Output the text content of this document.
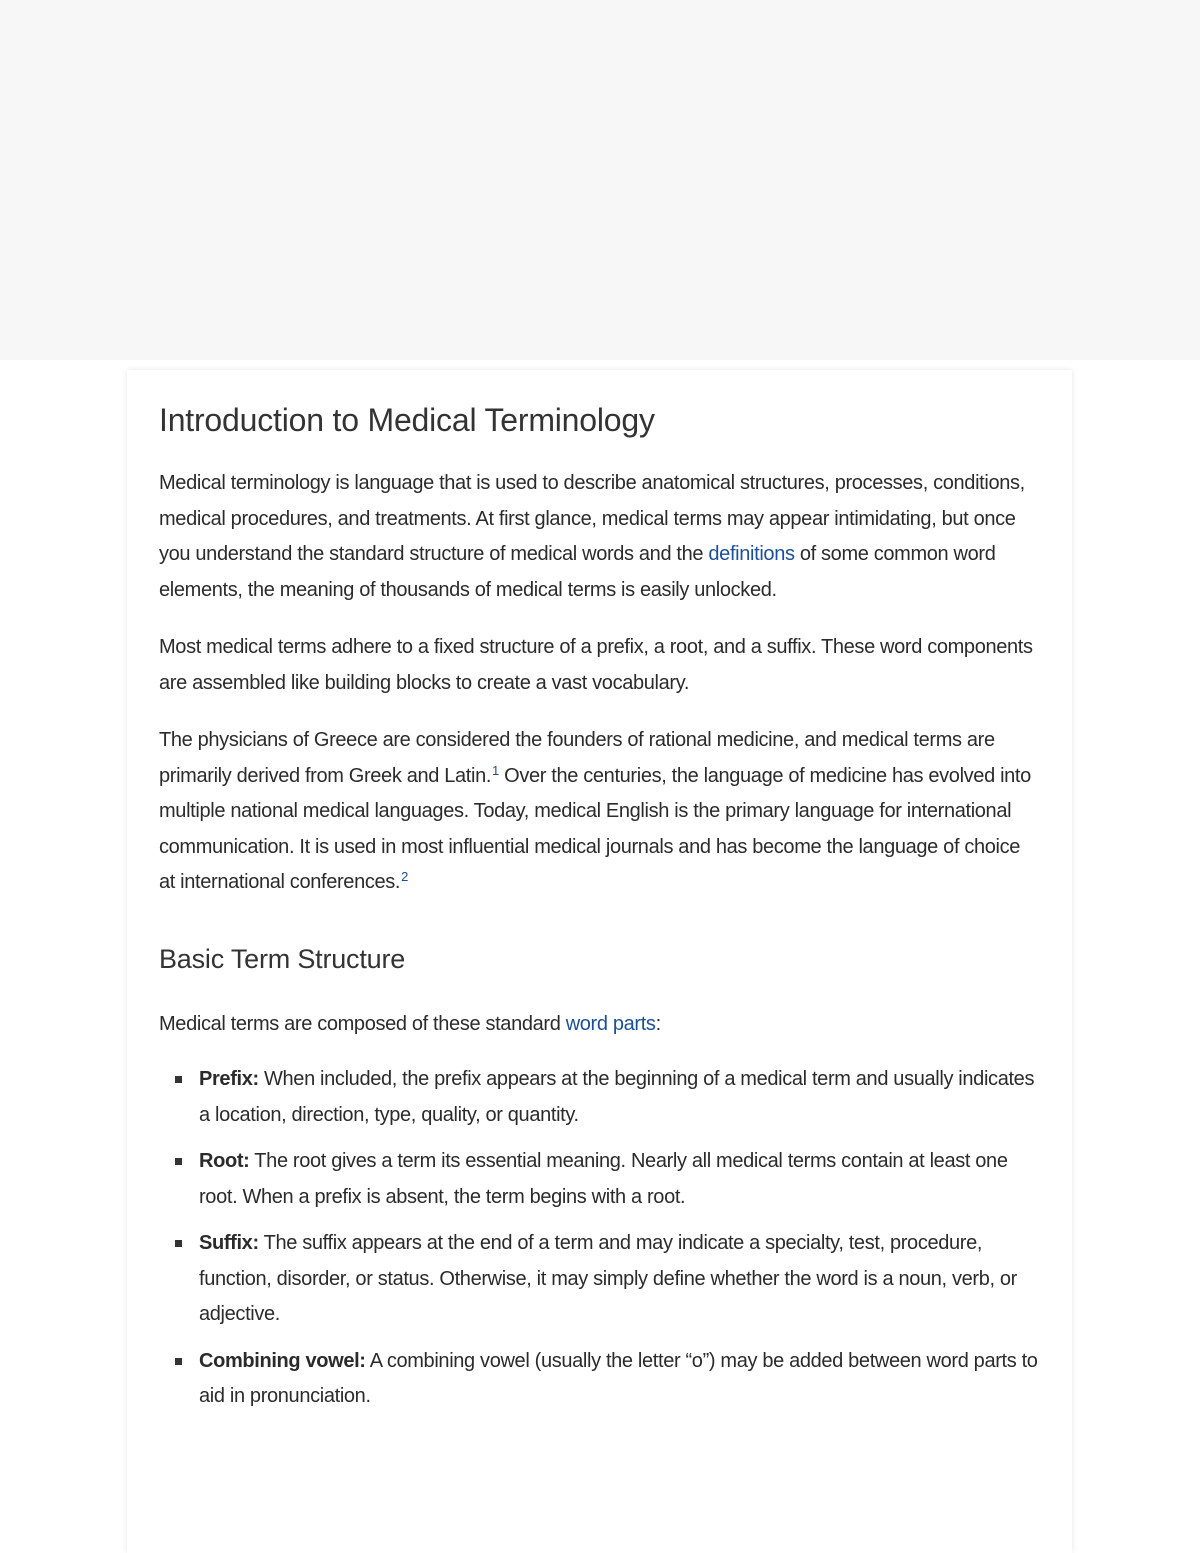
Introduction to Medical Terminology

Medical terminology is language that is used to describe anatomical structures, processes, conditions, medical procedures, and treatments. At first glance, medical terms may appear intimidating, but once you understand the standard structure of medical words and the definitions of some common word elements, the meaning of thousands of medical terms is easily unlocked.

Most medical terms adhere to a fixed structure of a prefix, a root, and a suffix. These word components are assembled like building blocks to create a vast vocabulary.

The physicians of Greece are considered the founders of rational medicine, and medical terms are primarily derived from Greek and Latin.$^1$ Over the centuries, the language of medicine has evolved into multiple national medical languages. Today, medical English is the primary language for international communication. It is used in most influential medical journals and has become the language of choice at international conferences.$^2$

Basic Term Structure

Medical terms are composed of these standard word parts:

Prefix: When included, the prefix appears at the beginning of a medical term and usually indicates a location, direction, type, quality, or quantity.
Root: The root gives a term its essential meaning. Nearly all medical terms contain at least one root. When a prefix is absent, the term begins with a root.
Suffix: The suffix appears at the end of a term and may indicate a specialty, test, procedure, function, disorder, or status. Otherwise, it may simply define whether the word is a noun, verb, or adjective.
Combining vowel: A combining vowel (usually the letter “o”) may be added between word parts to aid in pronunciation.
